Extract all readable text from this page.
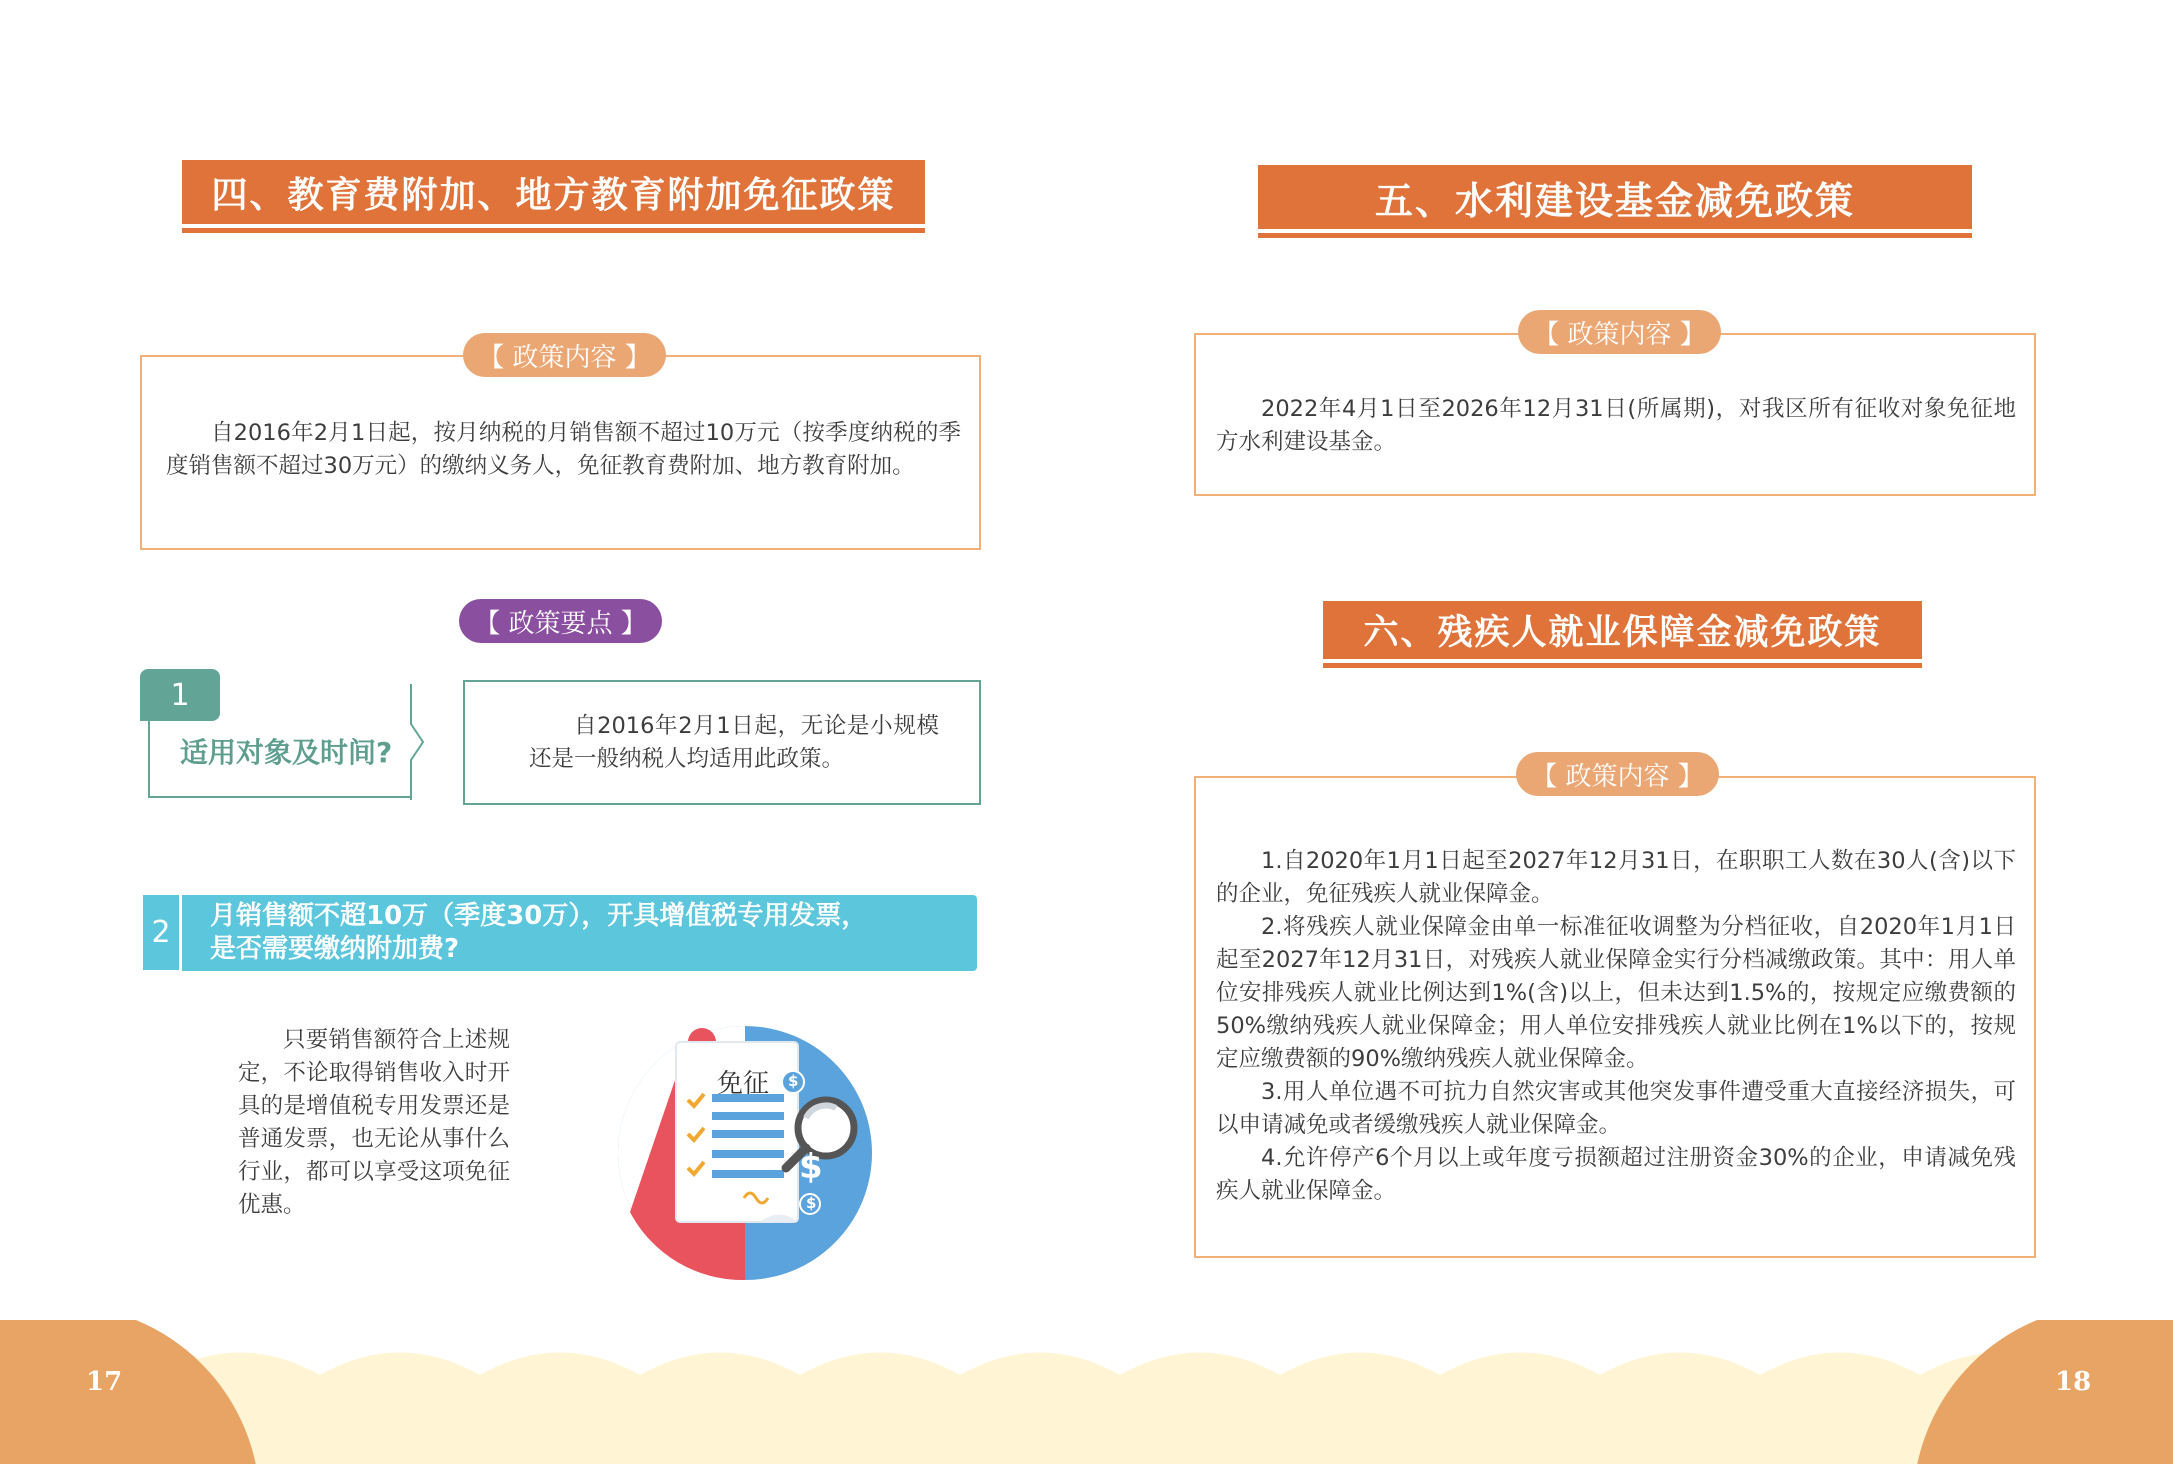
四、教育费附加、地方教育附加免征政策

自2016年2月1日起，按月纳税的月销售额不超过10万元（按季度纳税的季度销售额不超过30万元）的缴纳义务人，免征教育费附加、地方教育附加。

【 政策内容 】
【 政策要点 】
1
适用对象及时间?

自2016年2月1日起，无论是小规模还是一般纳税人均适用此政策。

2	月销售额不超10万（季度30万），开具增值税专用发票，
是否需要缴纳附加费?

只要销售额符合上述规定，不论取得销售收入时开具的是增值税专用发票还是普通发票，也无论从事什么行业，都可以享受这项免征优惠。

免征 $
$
$
五、水利建设基金减免政策

2022年4月1日至2026年12月31日(所属期)，对我区所有征收对象免征地方水利建设基金。

【 政策内容 】
六、残疾人就业保障金减免政策

1.自2020年1月1日起至2027年12月31日，在职职工人数在30人(含)以下的企业，免征残疾人就业保障金。

2.将残疾人就业保障金由单一标准征收调整为分档征收，自2020年1月1日起至2027年12月31日，对残疾人就业保障金实行分档减缴政策。其中：用人单位安排残疾人就业比例达到1%(含)以上，但未达到1.5%的，按规定应缴费额的50%缴纳残疾人就业保障金；用人单位安排残疾人就业比例在1%以下的，按规定应缴费额的90%缴纳残疾人就业保障金。

3.用人单位遇不可抗力自然灾害或其他突发事件遭受重大直接经济损失，可以申请减免或者缓缴残疾人就业保障金。

4.允许停产6个月以上或年度亏损额超过注册资金30%的企业，申请减免残疾人就业保障金。

【 政策内容 】
17	18
